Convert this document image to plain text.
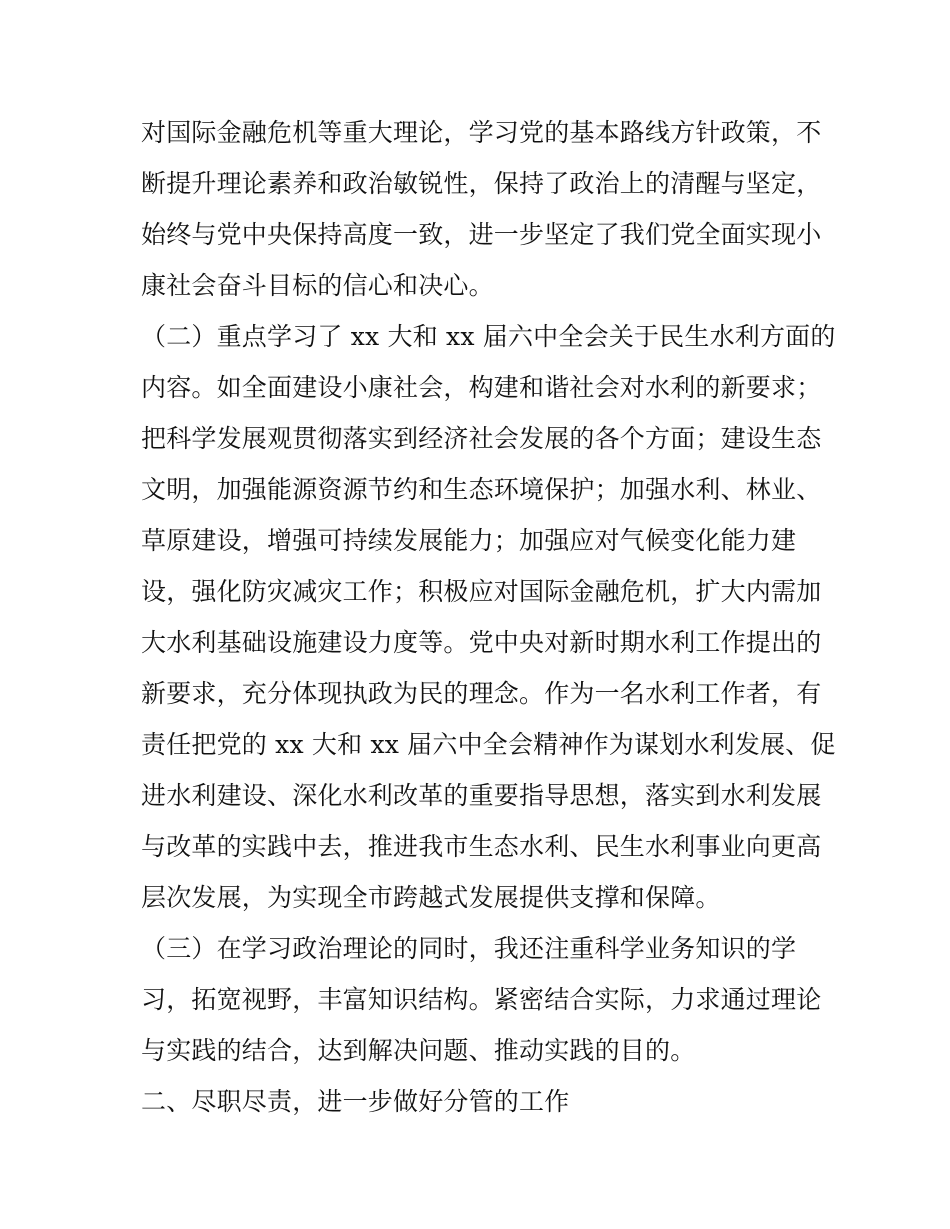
对国际金融危机等重大理论，学习党的基本路线方针政策，不
断提升理论素养和政治敏锐性，保持了政治上的清醒与坚定，
始终与党中央保持高度一致，进一步坚定了我们党全面实现小
康社会奋斗目标的信心和决心。
（二）重点学习了 xx 大和 xx 届六中全会关于民生水利方面的
内容。如全面建设小康社会，构建和谐社会对水利的新要求；
把科学发展观贯彻落实到经济社会发展的各个方面；建设生态
文明，加强能源资源节约和生态环境保护；加强水利、林业、
草原建设，增强可持续发展能力；加强应对气候变化能力建
设，强化防灾减灾工作；积极应对国际金融危机，扩大内需加
大水利基础设施建设力度等。党中央对新时期水利工作提出的
新要求，充分体现执政为民的理念。作为一名水利工作者，有
责任把党的 xx 大和 xx 届六中全会精神作为谋划水利发展、促
进水利建设、深化水利改革的重要指导思想，落实到水利发展
与改革的实践中去，推进我市生态水利、民生水利事业向更高
层次发展，为实现全市跨越式发展提供支撑和保障。
（三）在学习政治理论的同时，我还注重科学业务知识的学
习，拓宽视野，丰富知识结构。紧密结合实际，力求通过理论
与实践的结合，达到解决问题、推动实践的目的。
二、尽职尽责，进一步做好分管的工作
